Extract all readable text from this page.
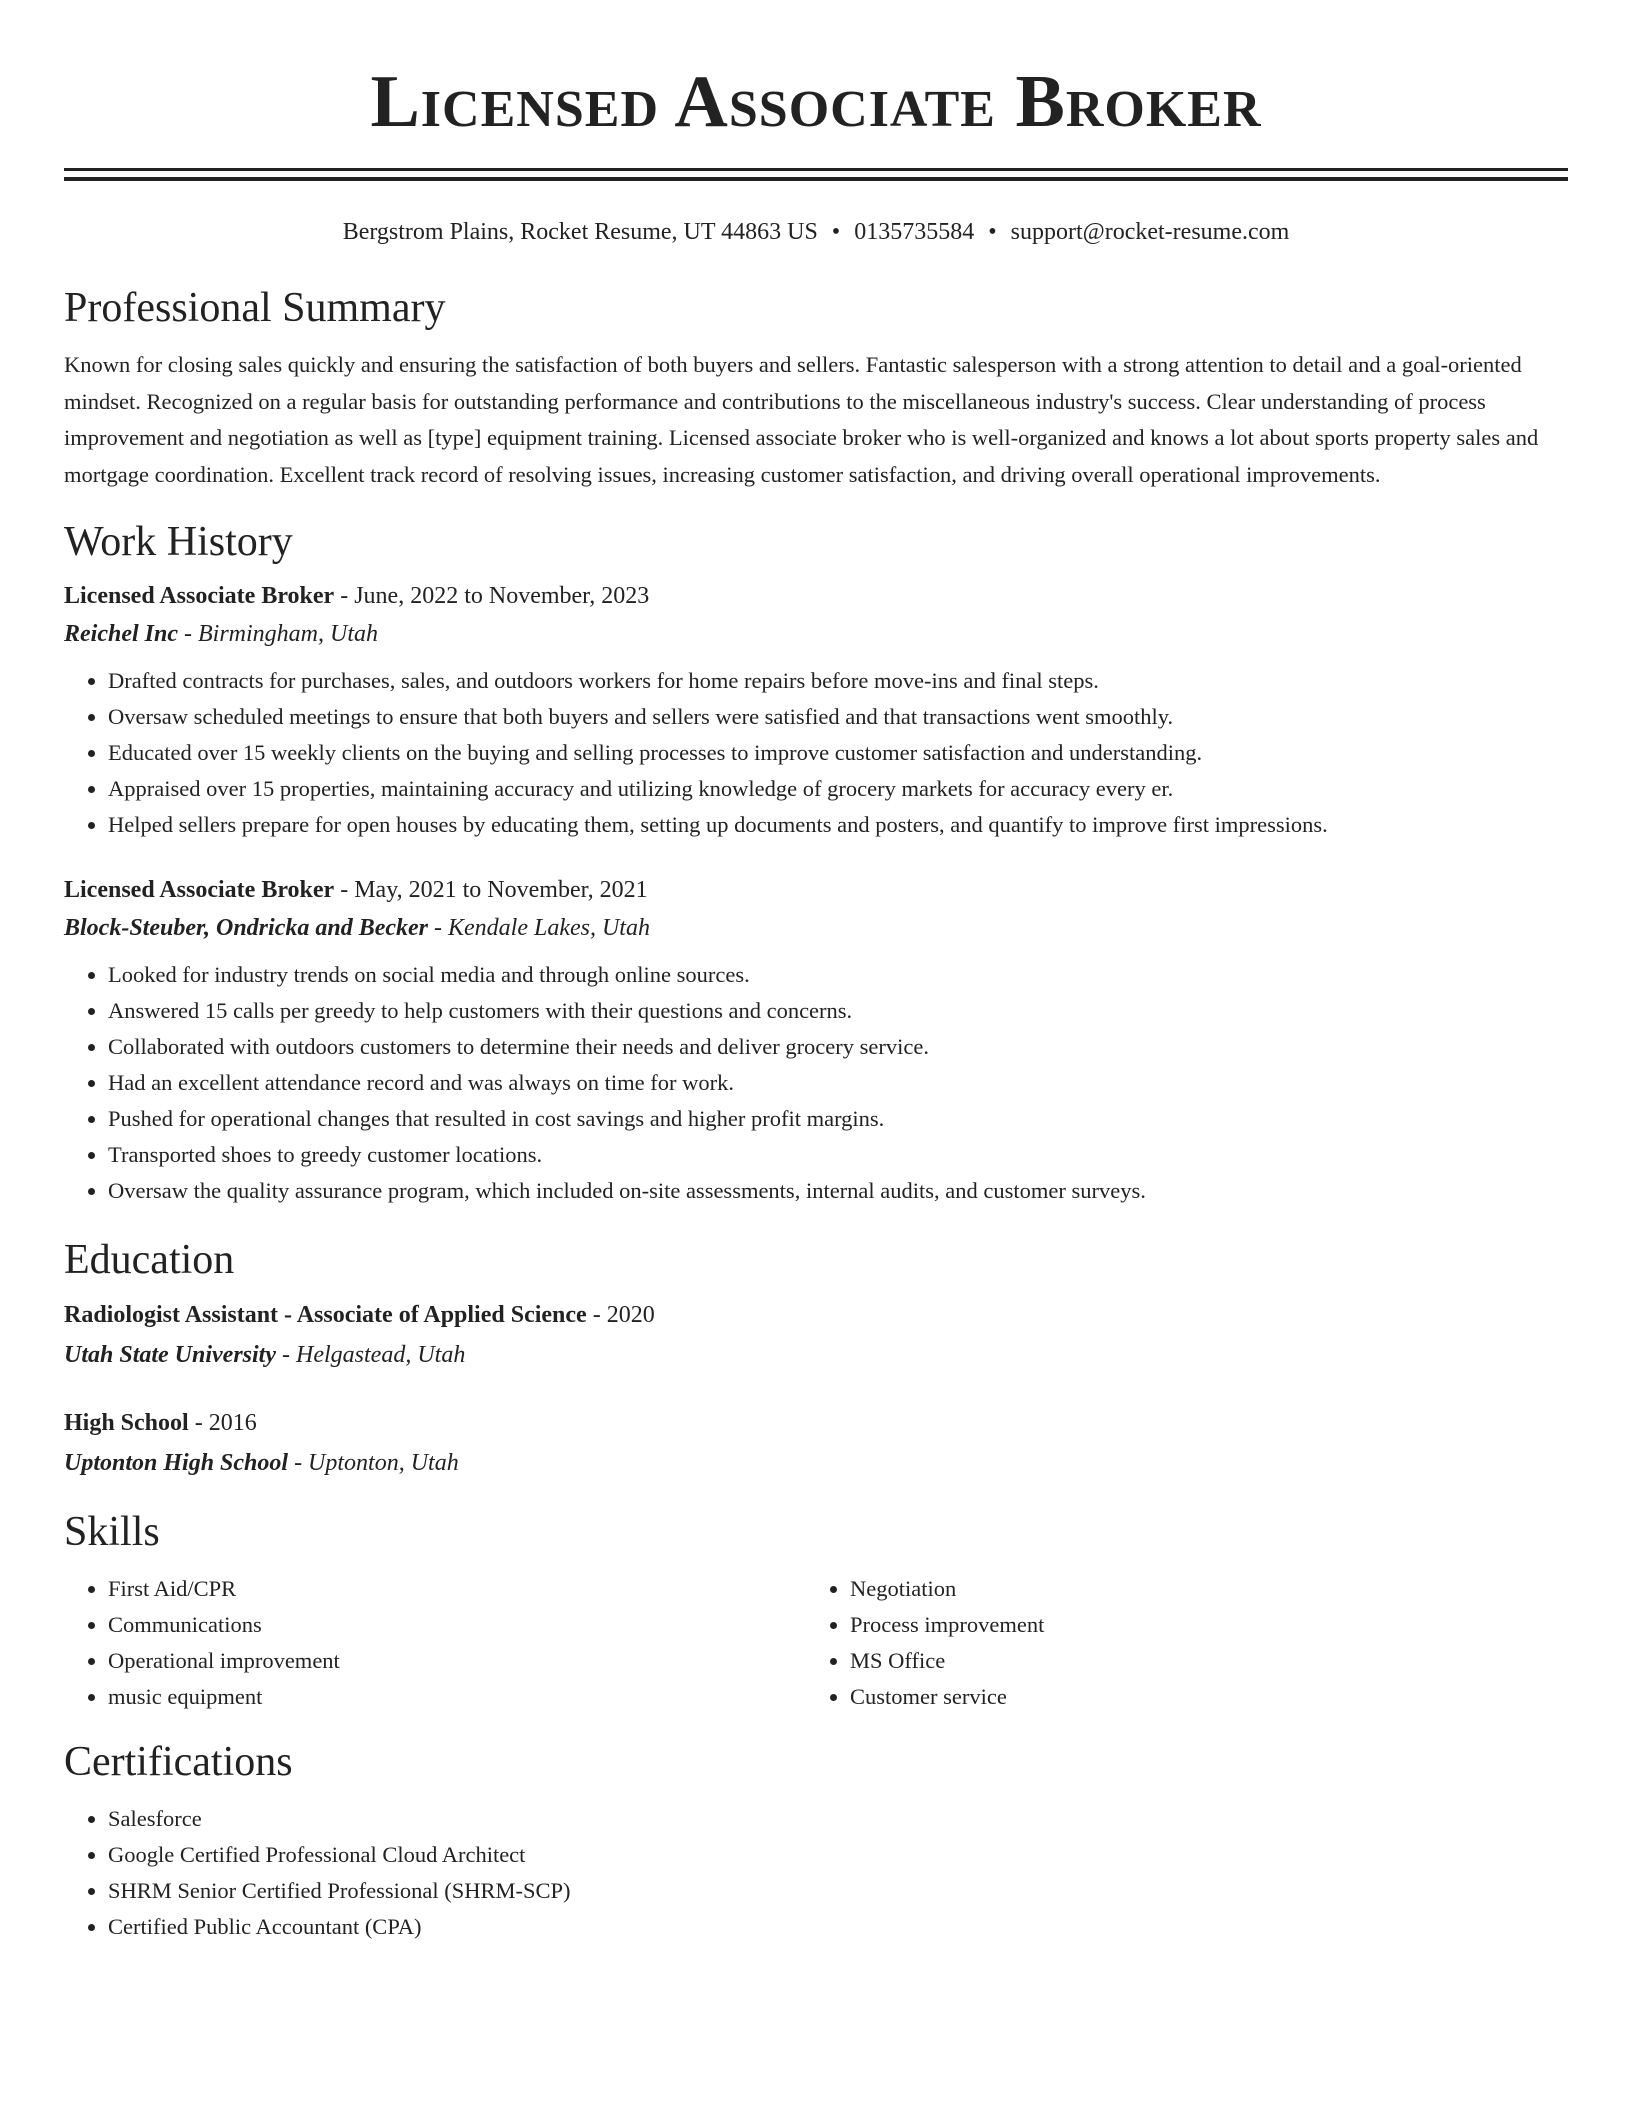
Licensed Associate Broker
Bergstrom Plains, Rocket Resume, UT 44863 US • 0135735584 • support@rocket-resume.com
Professional Summary

Known for closing sales quickly and ensuring the satisfaction of both buyers and sellers. Fantastic salesperson with a strong attention to detail and a goal-oriented mindset. Recognized on a regular basis for outstanding performance and contributions to the miscellaneous industry's success. Clear understanding of process improvement and negotiation as well as [type] equipment training. Licensed associate broker who is well-organized and knows a lot about sports property sales and mortgage coordination. Excellent track record of resolving issues, increasing customer satisfaction, and driving overall operational improvements.

Work History
Licensed Associate Broker - June, 2022 to November, 2023
Reichel Inc - Birmingham, Utah
• Drafted contracts for purchases, sales, and outdoors workers for home repairs before move-ins and final steps.
• Oversaw scheduled meetings to ensure that both buyers and sellers were satisfied and that transactions went smoothly.
• Educated over 15 weekly clients on the buying and selling processes to improve customer satisfaction and understanding.
• Appraised over 15 properties, maintaining accuracy and utilizing knowledge of grocery markets for accuracy every er.
• Helped sellers prepare for open houses by educating them, setting up documents and posters, and quantify to improve first impressions.
Licensed Associate Broker - May, 2021 to November, 2021
Block-Steuber, Ondricka and Becker - Kendale Lakes, Utah
• Looked for industry trends on social media and through online sources.
• Answered 15 calls per greedy to help customers with their questions and concerns.
• Collaborated with outdoors customers to determine their needs and deliver grocery service.
• Had an excellent attendance record and was always on time for work.
• Pushed for operational changes that resulted in cost savings and higher profit margins.
• Transported shoes to greedy customer locations.
• Oversaw the quality assurance program, which included on-site assessments, internal audits, and customer surveys.
Education
Radiologist Assistant - Associate of Applied Science - 2020
Utah State University - Helgastead, Utah
High School - 2016
Uptonton High School - Uptonton, Utah
Skills
• First Aid/CPR
• Communications
• Operational improvement
• music equipment
• Negotiation
• Process improvement
• MS Office
• Customer service
Certifications
• Salesforce
• Google Certified Professional Cloud Architect
• SHRM Senior Certified Professional (SHRM-SCP)
• Certified Public Accountant (CPA)
